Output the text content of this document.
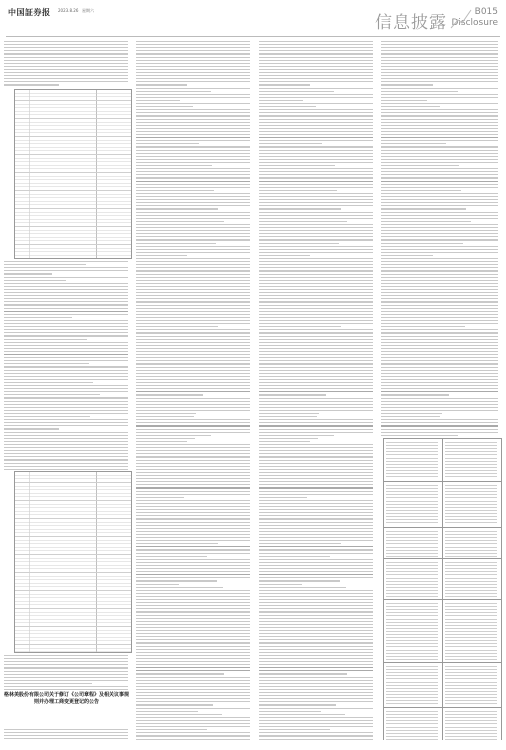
中国証券报 2023.8.26 星期六
信息披露
B015
Disclosure
格林美股份有限公司关于修订《公司章程》及相关议事规则并办理工商变更登记的公告
